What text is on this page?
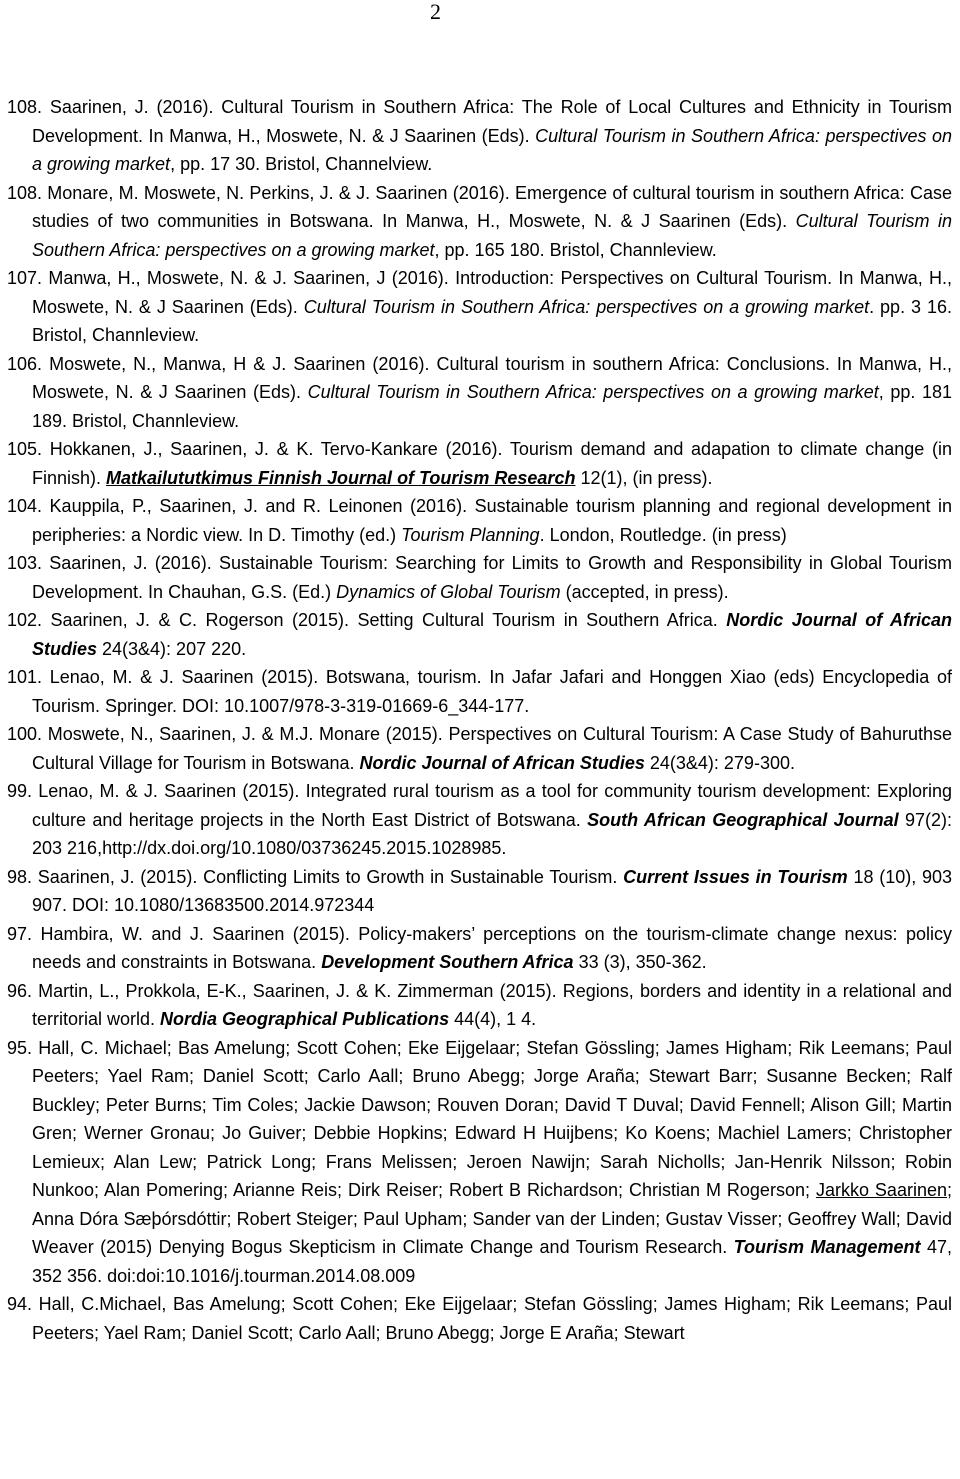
2

108. Saarinen, J. (2016). Cultural Tourism in Southern Africa: The Role of Local Cultures and Ethnicity in Tourism Development. In Manwa, H., Moswete, N. & J Saarinen (Eds). Cultural Tourism in Southern Africa: perspectives on a growing market, pp. 17 30. Bristol, Channelview.

108. Monare, M. Moswete, N. Perkins, J. & J. Saarinen (2016). Emergence of cultural tourism in southern Africa: Case studies of two communities in Botswana. In Manwa, H., Moswete, N. & J Saarinen (Eds). Cultural Tourism in Southern Africa: perspectives on a growing market, pp. 165 180. Bristol, Channleview.

107. Manwa, H., Moswete, N. & J. Saarinen, J (2016). Introduction: Perspectives on Cultural Tourism. In Manwa, H., Moswete, N. & J Saarinen (Eds). Cultural Tourism in Southern Africa: perspectives on a growing market. pp. 3 16. Bristol, Channleview.

106. Moswete, N., Manwa, H & J. Saarinen (2016). Cultural tourism in southern Africa: Conclusions. In Manwa, H., Moswete, N. & J Saarinen (Eds). Cultural Tourism in Southern Africa: perspectives on a growing market, pp. 181 189. Bristol, Channleview.

105. Hokkanen, J., Saarinen, J. & K. Tervo-Kankare (2016). Tourism demand and adapation to climate change (in Finnish). Matkailututkimus Finnish Journal of Tourism Research 12(1), (in press).

104. Kauppila, P., Saarinen, J. and R. Leinonen (2016). Sustainable tourism planning and regional development in peripheries: a Nordic view. In D. Timothy (ed.) Tourism Planning. London, Routledge. (in press)

103. Saarinen, J. (2016). Sustainable Tourism: Searching for Limits to Growth and Responsibility in Global Tourism Development. In Chauhan, G.S. (Ed.) Dynamics of Global Tourism (accepted, in press).

102. Saarinen, J. & C. Rogerson (2015). Setting Cultural Tourism in Southern Africa. Nordic Journal of African Studies 24(3&4): 207 220.

101. Lenao, M. & J. Saarinen (2015). Botswana, tourism. In Jafar Jafari and Honggen Xiao (eds) Encyclopedia of Tourism. Springer. DOI: 10.1007/978-3-319-01669-6_344-177.

100. Moswete, N., Saarinen, J. & M.J. Monare (2015). Perspectives on Cultural Tourism: A Case Study of Bahuruthse Cultural Village for Tourism in Botswana. Nordic Journal of African Studies 24(3&4): 279-300.

99. Lenao, M. & J. Saarinen (2015). Integrated rural tourism as a tool for community tourism development: Exploring culture and heritage projects in the North East District of Botswana. South African Geographical Journal 97(2): 203 216,http://dx.doi.org/10.1080/03736245.2015.1028985.

98. Saarinen, J. (2015). Conflicting Limits to Growth in Sustainable Tourism. Current Issues in Tourism 18 (10), 903 907. DOI: 10.1080/13683500.2014.972344

97. Hambira, W. and J. Saarinen (2015). Policy-makers’ perceptions on the tourism-climate change nexus: policy needs and constraints in Botswana. Development Southern Africa 33 (3), 350-362.

96. Martin, L., Prokkola, E-K., Saarinen, J. & K. Zimmerman (2015). Regions, borders and identity in a relational and territorial world. Nordia Geographical Publications 44(4), 1 4.

95. Hall, C. Michael; Bas Amelung; Scott Cohen; Eke Eijgelaar; Stefan Gössling; James Higham; Rik Leemans; Paul Peeters; Yael Ram; Daniel Scott; Carlo Aall; Bruno Abegg; Jorge Araña; Stewart Barr; Susanne Becken; Ralf Buckley; Peter Burns; Tim Coles; Jackie Dawson; Rouven Doran; David T Duval; David Fennell; Alison Gill; Martin Gren; Werner Gronau; Jo Guiver; Debbie Hopkins; Edward H Huijbens; Ko Koens; Machiel Lamers; Christopher Lemieux; Alan Lew; Patrick Long; Frans Melissen; Jeroen Nawijn; Sarah Nicholls; Jan-Henrik Nilsson; Robin Nunkoo; Alan Pomering; Arianne Reis; Dirk Reiser; Robert B Richardson; Christian M Rogerson; Jarkko Saarinen; Anna Dóra Sæþórsdóttir; Robert Steiger; Paul Upham; Sander van der Linden; Gustav Visser; Geoffrey Wall; David Weaver (2015) Denying Bogus Skepticism in Climate Change and Tourism Research. Tourism Management 47, 352 356. doi:doi:10.1016/j.tourman.2014.08.009

94. Hall, C.Michael, Bas Amelung; Scott Cohen; Eke Eijgelaar; Stefan Gössling; James Higham; Rik Leemans; Paul Peeters; Yael Ram; Daniel Scott; Carlo Aall; Bruno Abegg; Jorge E Araña; Stewart
